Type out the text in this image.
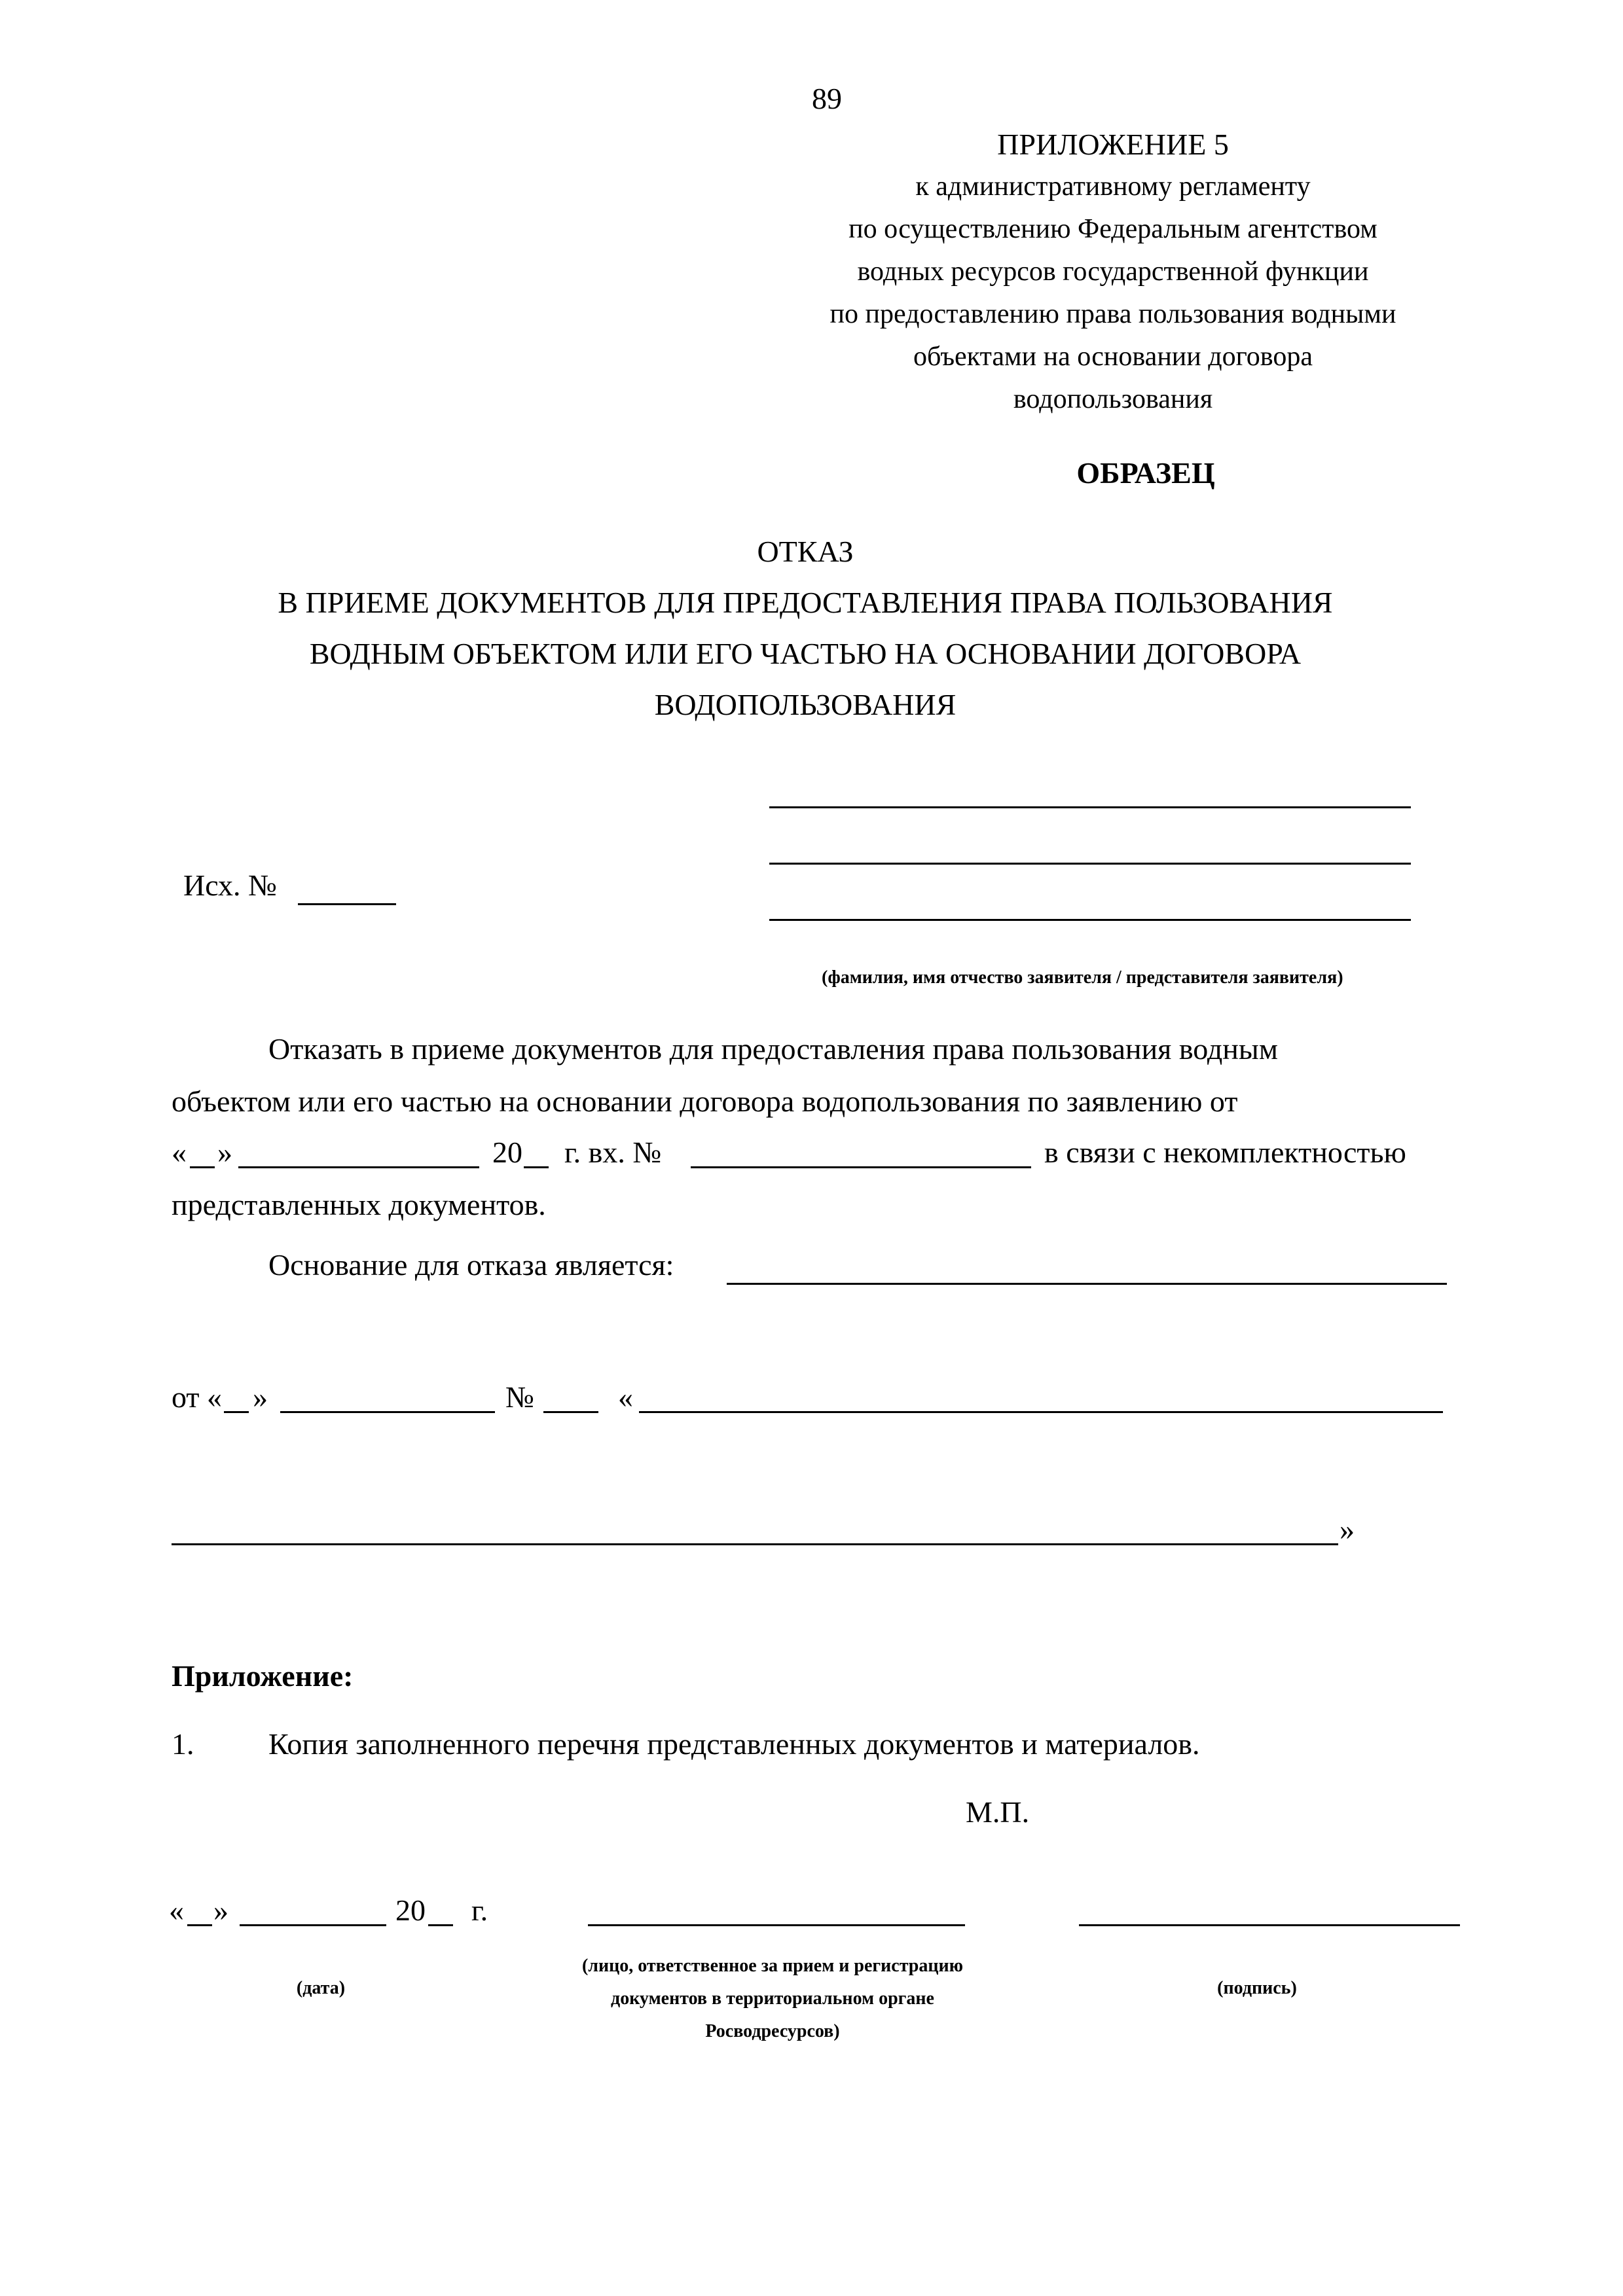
89
ПРИЛОЖЕНИЕ 5
к административному регламенту
по осуществлению Федеральным агентством
водных ресурсов государственной функции
по предоставлению права пользования водными
объектами на основании договора
водопользования
ОБРАЗЕЦ
ОТКАЗ
В ПРИЕМЕ ДОКУМЕНТОВ ДЛЯ ПРЕДОСТАВЛЕНИЯ ПРАВА ПОЛЬЗОВАНИЯ
ВОДНЫМ ОБЪЕКТОМ ИЛИ ЕГО ЧАСТЬЮ НА ОСНОВАНИИ ДОГОВОРА
ВОДОПОЛЬЗОВАНИЯ
Исх. №
(фамилия, имя отчество заявителя / представителя заявителя)
Отказать в приеме документов для предоставления права пользования водным
объектом или его частью на основании договора водопользования по заявлению от
« »	20 г. вх. №	в связи с некомплектностью
представленных документов.
Основание для отказа является:
от « »	№	«
»
Приложение:
1. Копия заполненного перечня представленных документов и материалов.
М.П.
« »	20 г.
(дата)
(лицо, ответственное за прием и регистрацию
документов в территориальном органе
Росводресурсов)
(подпись)
